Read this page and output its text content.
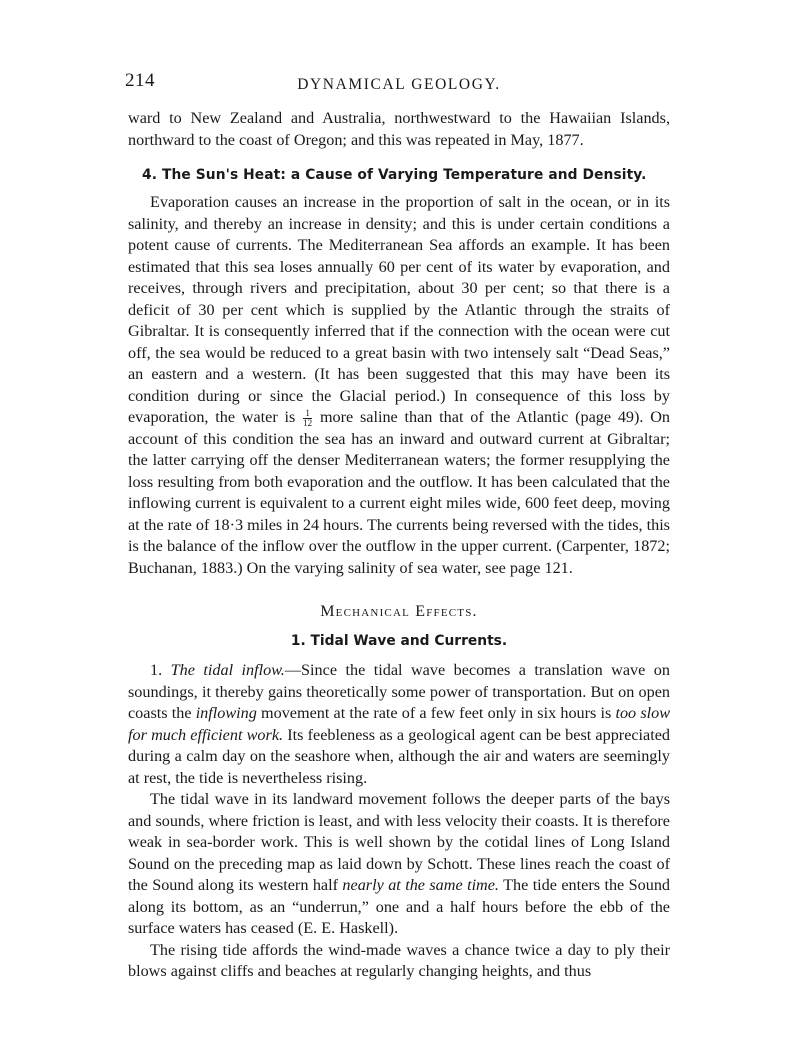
214	DYNAMICAL GEOLOGY.

ward to New Zealand and Australia, northwestward to the Hawaiian Islands, northward to the coast of Oregon; and this was repeated in May, 1877.

4. The Sun's Heat: a Cause of Varying Temperature and Density.

Evaporation causes an increase in the proportion of salt in the ocean, or in its salinity, and thereby an increase in density; and this is under certain conditions a potent cause of currents. The Mediterranean Sea affords an example. It has been estimated that this sea loses annually 60 per cent of its water by evaporation, and receives, through rivers and precipitation, about 30 per cent; so that there is a deficit of 30 per cent which is supplied by the Atlantic through the straits of Gibraltar. It is consequently inferred that if the connection with the ocean were cut off, the sea would be reduced to a great basin with two intensely salt “Dead Seas,” an eastern and a western. (It has been suggested that this may have been its condition during or since the Glacial period.) In consequence of this loss by evaporation, the water is $\frac{1}{12}$ more saline than that of the Atlantic (page 49). On account of this condition the sea has an inward and outward current at Gibraltar; the latter carrying off the denser Mediterranean waters; the former resupplying the loss resulting from both evaporation and the outflow. It has been calculated that the inflowing current is equivalent to a current eight miles wide, 600 feet deep, moving at the rate of 18·3 miles in 24 hours. The currents being reversed with the tides, this is the balance of the inflow over the outflow in the upper current. (Carpenter, 1872; Buchanan, 1883.) On the varying salinity of sea water, see page 121.

Mechanical Effects.
1. Tidal Wave and Currents.

1. The tidal inflow.—Since the tidal wave becomes a translation wave on soundings, it thereby gains theoretically some power of transportation. But on open coasts the inflowing movement at the rate of a few feet only in six hours is too slow for much efficient work. Its feebleness as a geological agent can be best appreciated during a calm day on the seashore when, although the air and waters are seemingly at rest, the tide is nevertheless rising.

The tidal wave in its landward movement follows the deeper parts of the bays and sounds, where friction is least, and with less velocity their coasts. It is therefore weak in sea-border work. This is well shown by the cotidal lines of Long Island Sound on the preceding map as laid down by Schott. These lines reach the coast of the Sound along its western half nearly at the same time. The tide enters the Sound along its bottom, as an “underrun,” one and a half hours before the ebb of the surface waters has ceased (E. E. Haskell).

The rising tide affords the wind-made waves a chance twice a day to ply their blows against cliffs and beaches at regularly changing heights, and thus
